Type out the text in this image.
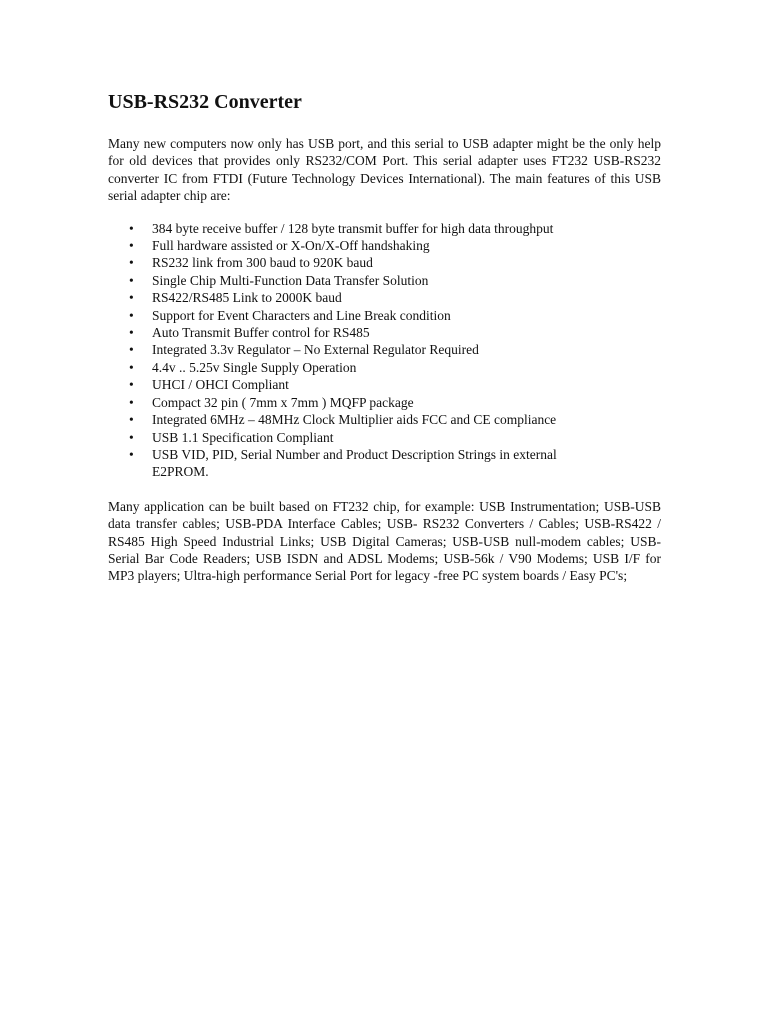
USB-RS232 Converter

Many new computers now only has USB port, and this serial to USB adapter might be the only help for old devices that provides only RS232/COM Port. This serial adapter uses FT232 USB-RS232 converter IC from FTDI (Future Technology Devices International). The main features of this USB serial adapter chip are:

• 384 byte receive buffer / 128 byte transmit buffer for high data throughput
• Full hardware assisted or X-On/X-Off handshaking
• RS232 link from 300 baud to 920K baud
• Single Chip Multi-Function Data Transfer Solution
• RS422/RS485 Link to 2000K baud
• Support for Event Characters and Line Break condition
• Auto Transmit Buffer control for RS485
• Integrated 3.3v Regulator – No External Regulator Required
• 4.4v .. 5.25v Single Supply Operation
• UHCI / OHCI Compliant
• Compact 32 pin ( 7mm x 7mm ) MQFP package
• Integrated 6MHz – 48MHz Clock Multiplier aids FCC and CE compliance
• USB 1.1 Specification Compliant
• USB VID, PID, Serial Number and Product Description Strings in external E2PROM.

Many application can be built based on FT232 chip, for example: USB Instrumentation; USB-USB data transfer cables; USB-PDA Interface Cables; USB- RS232 Converters / Cables; USB-RS422 / RS485 High Speed Industrial Links; USB Digital Cameras; USB-USB null-modem cables; USB-Serial Bar Code Readers; USB ISDN and ADSL Modems; USB-56k / V90 Modems; USB I/F for MP3 players; Ultra-high performance Serial Port for legacy -free PC system boards / Easy PC's;
